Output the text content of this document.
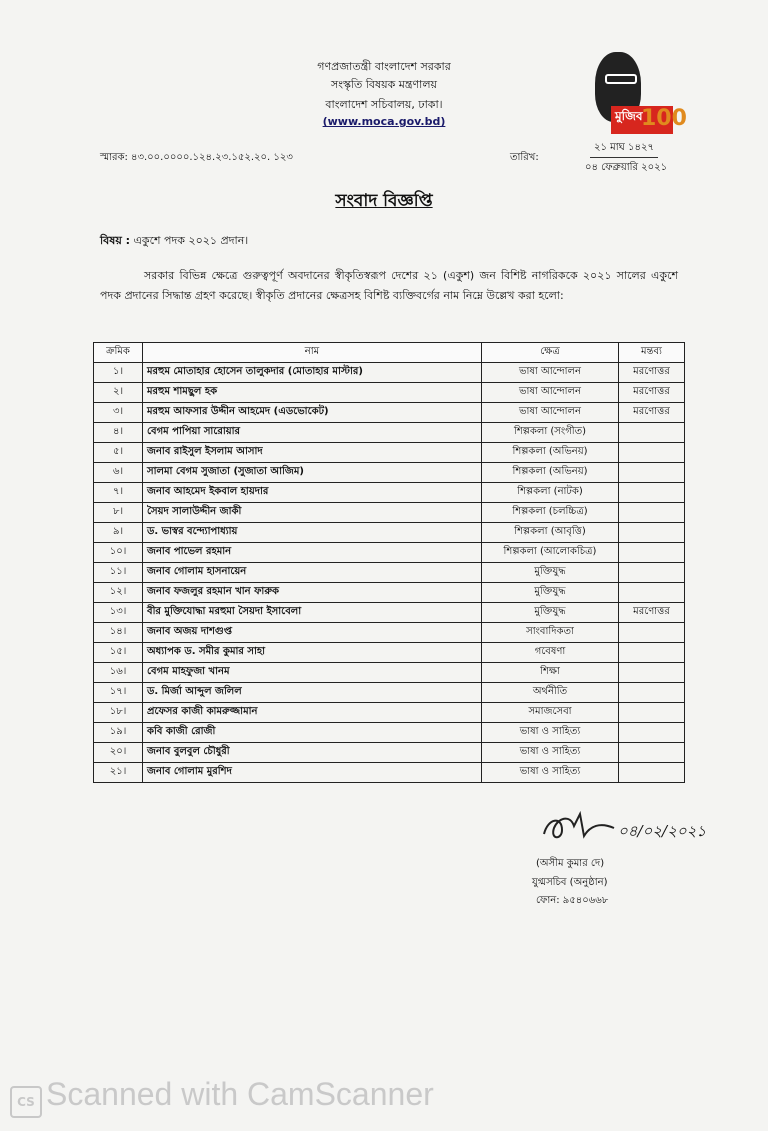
গণপ্রজাতন্ত্রী বাংলাদেশ সরকার
সংস্কৃতি বিষয়ক মন্ত্রণালয়
বাংলাদেশ সচিবালয়, ঢাকা।
(www.moca.gov.bd)	মুজিব
100
স্মারক: ৪৩.০০.০০০০.১২৪.২৩.১৫২.২০. ১২৩	তারিখ:
২১ মাঘ ১৪২৭
০৪ ফেব্রুয়ারি ২০২১
সংবাদ বিজ্ঞপ্তি
বিষয় : একুশে পদক ২০২১ প্রদান।
সরকার বিভিন্ন ক্ষেত্রে গুরুত্বপূর্ণ অবদানের স্বীকৃতিস্বরূপ দেশের ২১ (একুশ) জন বিশিষ্ট নাগরিককে ২০২১ সালের একুশে পদক প্রদানের সিদ্ধান্ত গ্রহণ করেছে। স্বীকৃতি প্রদানের ক্ষেত্রসহ বিশিষ্ট ব্যক্তিবর্গের নাম নিম্নে উল্লেখ করা হলো:
ক্রমিক	নাম	ক্ষেত্র	মন্তব্য
১।	মরহুম মোতাহার হোসেন তালুকদার (মোতাহার মাস্টার)	ভাষা আন্দোলন	মরণোত্তর
২।	মরহুম শামছুল হক	ভাষা আন্দোলন	মরণোত্তর
৩।	মরহুম আফসার উদ্দীন আহমেদ (এডভোকেট)	ভাষা আন্দোলন	মরণোত্তর
৪।	বেগম পাপিয়া সারোয়ার	শিল্পকলা (সংগীত)	
৫।	জনাব রাইসুল ইসলাম আসাদ	শিল্পকলা (অভিনয়)	
৬।	সালমা বেগম সুজাতা (সুজাতা আজিম)	শিল্পকলা (অভিনয়)	
৭।	জনাব আহমেদ ইকবাল হায়দার	শিল্পকলা (নাটক)	
৮।	সৈয়দ সালাউদ্দীন জাকী	শিল্পকলা (চলচ্চিত্র)	
৯।	ড. ভাস্বর বন্দ্যোপাধ্যায়	শিল্পকলা (আবৃত্তি)	
১০।	জনাব পাভেল রহমান	শিল্পকলা (আলোকচিত্র)	
১১।	জনাব গোলাম হাসনায়েন	মুক্তিযুদ্ধ	
১২।	জনাব ফজলুর রহমান খান ফারুক	মুক্তিযুদ্ধ	
১৩।	বীর মুক্তিযোদ্ধা মরহুমা সৈয়দা ইসাবেলা	মুক্তিযুদ্ধ	মরণোত্তর
১৪।	জনাব অজয় দাশগুপ্ত	সাংবাদিকতা	
১৫।	অধ্যাপক ড. সমীর কুমার সাহা	গবেষণা	
১৬।	বেগম মাহফুজা খানম	শিক্ষা	
১৭।	ড. মির্জা আব্দুল জলিল	অর্থনীতি	
১৮।	প্রফেসর কাজী কামরুজ্জামান	সমাজসেবা	
১৯।	কবি কাজী রোজী	ভাষা ও সাহিত্য	
২০।	জনাব বুলবুল চৌধুরী	ভাষা ও সাহিত্য	
২১।	জনাব গোলাম মুরশিদ	ভাষা ও সাহিত্য	
০৪/০২/২০২১
(অসীম কুমার দে)
যুগ্মসচিব (অনুষ্ঠান)
ফোন: ৯৫৪০৬৬৮
CS Scanned with CamScanner
